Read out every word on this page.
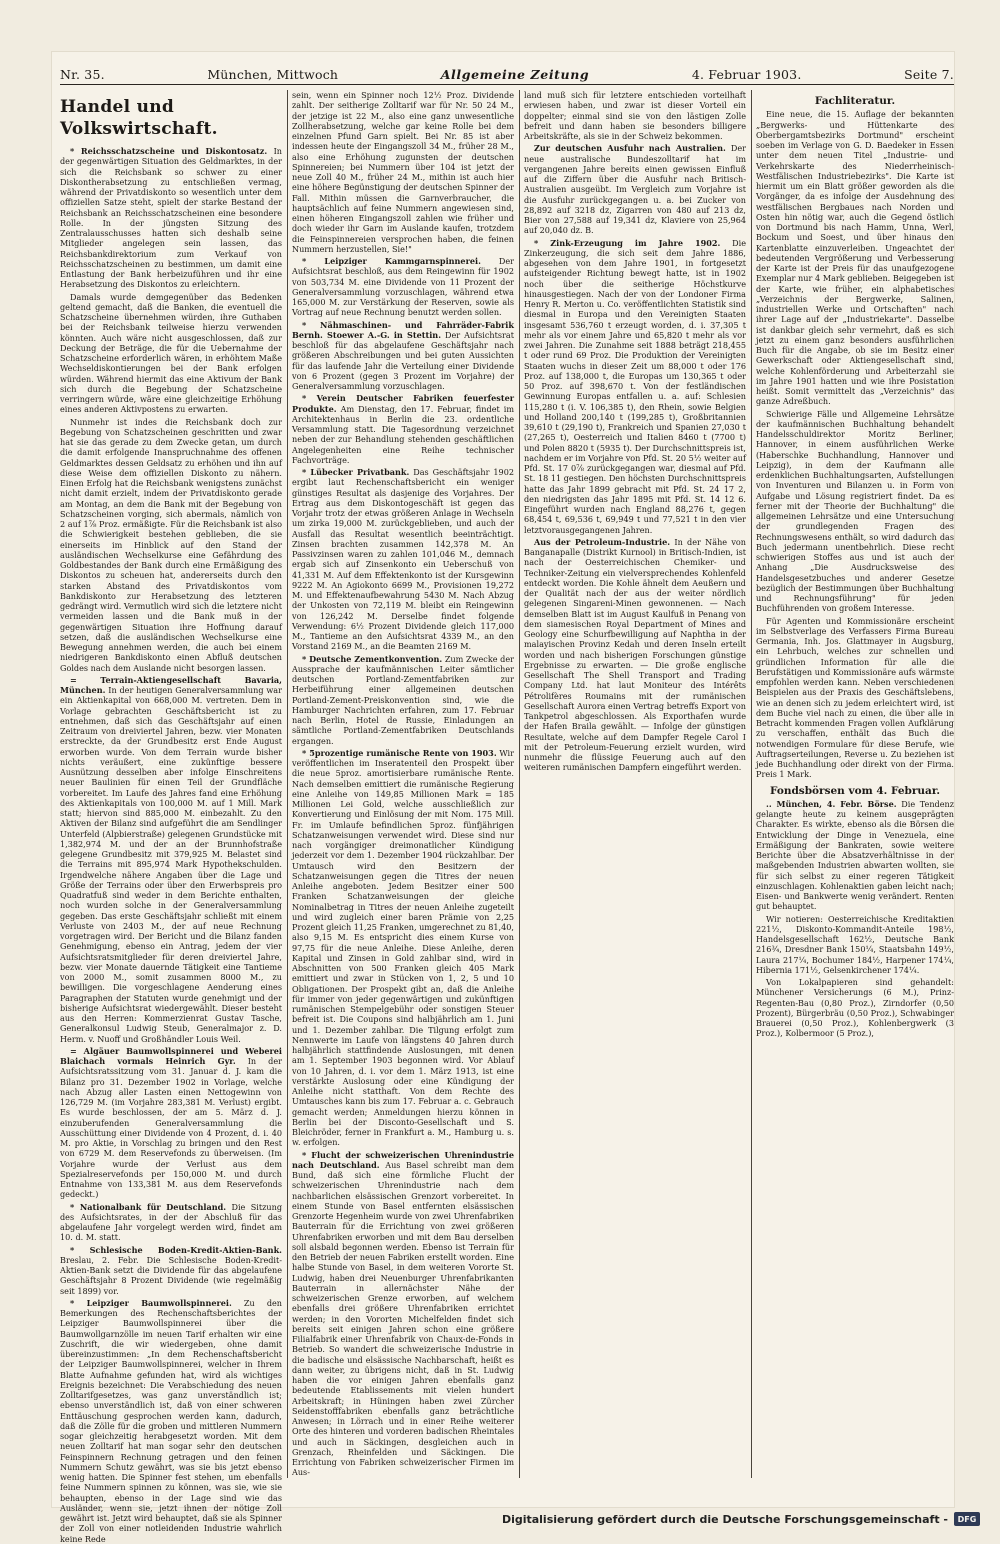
Nr. 35.	München, Mittwoch	Allgemeine Zeitung	4. Februar 1903.	Seite 7.
Handel und Volkswirtschaft.

* Reichsschatzscheine und Diskontosatz. In der gegenwärtigen Situation des Geldmarktes, in der sich die Reichsbank so schwer zu einer Diskontherabsetzung zu entschließen vermag, während der Privatdiskonto so wesentlich unter dem offiziellen Satze steht, spielt der starke Bestand der Reichsbank an Reichsschatzscheinen eine besondere Rolle. In der jüngsten Sitzung des Zentralausschusses hatten sich deshalb seine Mitglieder angelegen sein lassen, das Reichsbankdirektorium zum Verkauf von Reichsschatzscheinen zu bestimmen, um damit eine Entlastung der Bank herbeizuführen und ihr eine Herabsetzung des Diskontos zu erleichtern.

Damals wurde demgegenüber das Bedenken geltend gemacht, daß die Banken, die eventuell die Schatzscheine übernehmen würden, ihre Guthaben bei der Reichsbank teilweise hierzu verwenden könnten. Auch wäre nicht ausgeschlossen, daß zur Deckung der Beträge, die für die Uebernahme der Schatzscheine erforderlich wären, in erhöhtem Maße Wechseldiskontierungen bei der Bank erfolgen würden. Während hiermit das eine Aktivum der Bank sich durch die Begebung der Schatzscheine verringern würde, wäre eine gleichzeitige Erhöhung eines anderen Aktivpostens zu erwarten.

Nunmehr ist indes die Reichsbank doch zur Begebung von Schatzscheinen geschritten und zwar hat sie das gerade zu dem Zwecke getan, um durch die damit erfolgende Inanspruchnahme des offenen Geldmarktes dessen Geldsatz zu erhöhen und ihn auf diese Weise dem offiziellen Diskonto zu nähern. Einen Erfolg hat die Reichsbank wenigstens zunächst nicht damit erzielt, indem der Privatdiskonto gerade am Montag, an dem die Bank mit der Begebung von Schatzscheinen vorging, sich abermals, nämlich von 2 auf 1⅞ Proz. ermäßigte. Für die Reichsbank ist also die Schwierigkeit bestehen geblieben, die sie einerseits im Hinblick auf den Stand der ausländischen Wechselkurse eine Gefährdung des Goldbestandes der Bank durch eine Ermäßigung des Diskontos zu scheuen hat, andererseits durch den starken Abstand des Privatdiskontos vom Bankdiskonto zur Herabsetzung des letzteren gedrängt wird. Vermutlich wird sich die letztere nicht vermeiden lassen und die Bank muß in der gegenwärtigen Situation ihre Hoffnung darauf setzen, daß die ausländischen Wechselkurse eine Bewegung annehmen werden, die auch bei einem niedrigeren Bankdiskonto einen Abfluß deutschen Goldes nach dem Auslande nicht besorgen lassen.

= Terrain-Aktiengesellschaft Bavaria, München. In der heutigen Generalversammlung war ein Aktienkapital von 668,000 M. vertreten. Dem in Vorlage gebrachten Geschäftsbericht ist zu entnehmen, daß sich das Geschäftsjahr auf einen Zeitraum von dreiviertel Jahren, bezw. vier Monaten erstreckte, da der Grundbesitz erst Ende August erworben wurde. Von dem Terrain wurde bisher nichts veräußert, eine zukünftige bessere Ausnützung desselben aber infolge Einschreitens neuer Baulinien für einen Teil der Grundfläche vorbereitet. Im Laufe des Jahres fand eine Erhöhung des Aktienkapitals von 100,000 M. auf 1 Mill. Mark statt; hiervon sind 885,000 M. einbezahlt. Zu den Aktiven der Bilanz sind aufgeführt die am Sendlinger Unterfeld (Alpbierstraße) gelegenen Grundstücke mit 1,382,974 M. und der an der Brunnhofstraße gelegene Grundbesitz mit 379,925 M. Belastet sind die Terrains mit 895,974 Mark Hypothekschulden. Irgendwelche nähere Angaben über die Lage und Größe der Terrains oder über den Erwerbspreis pro Quadratfuß sind weder in dem Berichte enthalten, noch wurden solche in der Generalversammlung gegeben. Das erste Geschäftsjahr schließt mit einem Verluste von 2403 M., der auf neue Rechnung vorgetragen wird. Der Bericht und die Bilanz fanden Genehmigung, ebenso ein Antrag, jedem der vier Aufsichtsratsmitglieder für deren dreiviertel Jahre, bezw. vier Monate dauernde Tätigkeit eine Tantieme von 2000 M., somit zusammen 8000 M., zu bewilligen. Die vorgeschlagene Aenderung eines Paragraphen der Statuten wurde genehmigt und der bisherige Aufsichtsrat wiedergewählt. Dieser besteht aus den Herren: Kommerzienrat Gustav Tasche, Generalkonsul Ludwig Steub, Generalmajor z. D. Herm. v. Nuoff und Großhändler Louis Weil.

= Algäuer Baumwollspinnerei und Weberei Blaichach vormals Heinrich Gyr. In der Aufsichtsratssitzung vom 31. Januar d. J. kam die Bilanz pro 31. Dezember 1902 in Vorlage, welche nach Abzug aller Lasten einen Nettogewinn von 126,729 M. (im Vorjahre 283,381 M. Verlust) ergibt. Es wurde beschlossen, der am 5. März d. J. einzuberufenden Generalversammlung die Ausschüttung einer Dividende von 4 Prozent, d. i. 40 M. pro Aktie, in Vorschlag zu bringen und den Rest von 6729 M. dem Reservefonds zu überweisen. (Im Vorjahre wurde der Verlust aus dem Spezialreservefonds per 150,000 M. und durch Entnahme von 133,381 M. aus dem Reservefonds gedeckt.)

* Nationalbank für Deutschland. Die Sitzung des Aufsichtsrates, in der der Abschluß für das abgelaufene Jahr vorgelegt werden wird, findet am 10. d. M. statt.

* Schlesische Boden-Kredit-Aktien-Bank. Breslau, 2. Febr. Die Schlesische Boden-Kredit-Aktien-Bank setzt die Dividende für das abgelaufene Geschäftsjahr 8 Prozent Dividende (wie regelmäßig seit 1899) vor.

* Leipziger Baumwollspinnerei. Zu den Bemerkungen des Rechenschaftsberichtes der Leipziger Baumwollspinnerei über die Baumwollgarnzölle im neuen Tarif erhalten wir eine Zuschrift, die wir wiedergeben, ohne damit übereinzustimmen: „In dem Rechenschaftsbericht der Leipziger Baumwollspinnerei, welcher in Ihrem Blatte Aufnahme gefunden hat, wird als wichtiges Ereignis bezeichnet: Die Verabschiedung des neuen Zolltarifgesetzes, was ganz unverständlich ist; ebenso unverständlich ist, daß von einer schweren Enttäuschung gesprochen werden kann, dadurch, daß die Zölle für die groben und mittleren Nummern sogar gleichzeitig herabgesetzt worden. Mit dem neuen Zolltarif hat man sogar sehr den deutschen Feinspinnern Rechnung getragen und den feinen Nummern Schutz gewährt, was sie bis jetzt ebenso wenig hatten. Die Spinner fest stehen, um ebenfalls feine Nummern spinnen zu können, was sie, wie sie behaupten, ebenso in der Lage sind wie das Ausländer, wenn sie, jetzt ihnen der nötige Zoll gewährt ist. Jetzt wird behauptet, daß sie als Spinner der Zoll von einer notleidenden Industrie wahrlich keine Rede

sein, wenn ein Spinner noch 12½ Proz. Dividende zahlt. Der seitherige Zolltarif war für Nr. 50 24 M., der jetzige ist 22 M., also eine ganz unwesentliche Zollherabsetzung, welche gar keine Rolle bei dem einzelnen Pfund Garn spielt. Bei Nr. 85 ist aber indessen heute der Eingangszoll 34 M., früher 28 M., also eine Erhöhung zugunsten der deutschen Spinnereien; bei Nummern über 104 ist jetzt der neue Zoll 40 M., früher 24 M., mithin ist auch hier eine höhere Begünstigung der deutschen Spinner der Fall. Mithin müssen die Garnverbraucher, die hauptsächlich auf feine Nummern angewiesen sind, einen höheren Eingangszoll zahlen wie früher und doch wieder ihr Garn im Auslande kaufen, trotzdem die Feinspinnereien versprochen haben, die feinen Nummern herzustellen, Sie!"

* Leipziger Kammgarnspinnerei. Der Aufsichtsrat beschloß, aus dem Reingewinn für 1902 von 503,734 M. eine Dividende von 11 Prozent der Generalversammlung vorzuschlagen, während etwa 165,000 M. zur Verstärkung der Reserven, sowie als Vortrag auf neue Rechnung benutzt werden sollen.

* Nähmaschinen- und Fahrräder-Fabrik Bernh. Stoewer A.-G. in Stettin. Der Aufsichtsrat beschloß für das abgelaufene Geschäftsjahr nach größeren Abschreibungen und bei guten Aussichten für das laufende Jahr die Verteilung einer Dividende von 6 Prozent (gegen 3 Prozent im Vorjahre) der Generalversammlung vorzuschlagen.

* Verein Deutscher Fabriken feuerfester Produkte. Am Dienstag, den 17. Februar, findet im Architektenhaus in Berlin die 23. ordentliche Versammlung statt. Die Tagesordnung verzeichnet neben der zur Behandlung stehenden geschäftlichen Angelegenheiten eine Reihe technischer Fachvorträge.

* Lübecker Privatbank. Das Geschäftsjahr 1902 ergibt laut Rechenschaftsbericht ein weniger günstiges Resultat als dasjenige des Vorjahres. Der Ertrag aus dem Diskontogeschäft ist gegen das Vorjahr trotz der etwas größeren Anlage in Wechseln um zirka 19,000 M. zurückgeblieben, und auch der Ausfall das Resultat wesentlich beeinträchtigt. Zinsen brachten zusammen 142,378 M. An Passivzinsen waren zu zahlen 101,046 M., demnach ergab sich auf Zinsenkonto ein Ueberschuß von 41,331 M. Auf dem Effektenkonto ist der Kursgewinn 9222 M. An Agiokonto 6699 M., Provisionen 19,272 M. und Effektenaufbewahrung 5430 M. Nach Abzug der Unkosten von 72,119 M. bleibt ein Reingewinn von 126,242 M. Derselbe findet folgende Verwendung: 6½ Prozent Dividende gleich 117,000 M., Tantieme an den Aufsichtsrat 4339 M., an den Vorstand 2169 M., an die Beamten 2169 M.

* Deutsche Zementkonvention. Zum Zwecke der Aussprache der kaufmännischen Leiter sämtlicher deutschen Portland-Zementfabriken zur Herbeiführung einer allgemeinen deutschen Portland-Zement-Preiskonvention sind, wie die Hamburger Nachrichten erfahren, zum 17. Februar nach Berlin, Hotel de Russie, Einladungen an sämtliche Portland-Zementfabriken Deutschlands ergangen.

* 5prozentige rumänische Rente von 1903. Wir veröffentlichen im Inseratenteil den Prospekt über die neue 5proz. amortisierbare rumänische Rente. Nach demselben emittiert die rumänische Regierung eine Anleihe von 149,85 Millionen Mark = 185 Millionen Lei Gold, welche ausschließlich zur Konvertierung und Einlösung der mit Nom. 175 Mill. Fr. im Umlaufe befindlichen 5proz. fünfjährigen Schatzanweisungen verwendet wird. Diese sind nur nach vorgängiger dreimonatlicher Kündigung jederzeit vor dem 1. Dezember 1904 rückzahlbar. Der Umtausch wird den Besitzern der Schatzanweisungen gegen die Titres der neuen Anleihe angeboten. Jedem Besitzer einer 500 Franken Schatzanweisungen der gleiche Nominalbetrag in Titres der neuen Anleihe zugeteilt und wird zugleich einer baren Prämie von 2,25 Prozent gleich 11,25 Franken, umgerechnet zu 81,40, also 9,15 M. Es entspricht dies einem Kurse von 97,75 für die neue Anleihe. Diese Anleihe, deren Kapital und Zinsen in Gold zahlbar sind, wird in Abschnitten von 500 Franken gleich 405 Mark emittiert und zwar in Stücken von 1, 2, 5 und 10 Obligationen. Der Prospekt gibt an, daß die Anleihe für immer von jeder gegenwärtigen und zukünftigen rumänischen Stempelgebühr oder sonstigen Steuer befreit ist. Die Coupons sind halbjährlich am 1. Juni und 1. Dezember zahlbar. Die Tilgung erfolgt zum Nennwerte im Laufe von längstens 40 Jahren durch halbjährlich stattfindende Auslosungen, mit denen am 1. September 1903 begonnen wird. Vor Ablauf von 10 Jahren, d. i. vor dem 1. März 1913, ist eine verstärkte Auslosung oder eine Kündigung der Anleihe nicht statthaft. Von dem Rechte des Umtausches kann bis zum 17. Februar a. c. Gebrauch gemacht werden; Anmeldungen hierzu können in Berlin bei der Disconto-Gesellschaft und S. Bleichröder, ferner in Frankfurt a. M., Hamburg u. s. w. erfolgen.

* Flucht der schweizerischen Uhrenindustrie nach Deutschland. Aus Basel schreibt man dem Bund, daß sich eine förmliche Flucht der schweizerischen Uhrenindustrie nach dem nachbarlichen elsässischen Grenzort vorbereitet. In einem Stunde von Basel entfernten elsässischen Grenzorte Hegenheim wurde von zwei Uhrenfabriken Bauterrain für die Errichtung von zwei größeren Uhrenfabriken erworben und mit dem Bau derselben soll alsbald begonnen werden. Ebenso ist Terrain für den Betrieb der neuen Fabriken erstellt worden. Eine halbe Stunde von Basel, in dem weiteren Vororte St. Ludwig, haben drei Neuenburger Uhrenfabrikanten Bauterrain in allernächster Nähe der schweizerischen Grenze erworben, auf welchem ebenfalls drei größere Uhrenfabriken errichtet werden; in den Vororten Michelfelden findet sich bereits seit einigen Jahren schon eine größere Filialfabrik einer Uhrenfabrik von Chaux-de-Fonds in Betrieb. So wandert die schweizerische Industrie in die badische und elsässische Nachbarschaft, heißt es dann weiter, zu übrigens nicht, daß in St. Ludwig haben die vor einigen Jahren ebenfalls ganz bedeutende Etablissements mit vielen hundert Arbeitskraft; in Hüningen haben zwei Zürcher Seidenstofffabriken ebenfalls ganz beträchtliche Anwesen; in Lörrach und in einer Reihe weiterer Orte des hinteren und vorderen badischen Rheintales und auch in Säckingen, desgleichen auch in Grenzach, Rheinfelden und Säckingen. Die Errichtung von Fabriken schweizerischer Firmen im Aus-

land muß sich für letztere entschieden vorteilhaft erwiesen haben, und zwar ist dieser Vorteil ein doppelter; einmal sind sie von den lästigen Zolle befreit und dann haben sie besonders billigere Arbeitskräfte, als sie in der Schweiz bekommen.

Zur deutschen Ausfuhr nach Australien. Der neue australische Bundeszolltarif hat im vergangenen Jahre bereits einen gewissen Einfluß auf die Ziffern über die Ausfuhr nach Britisch-Australien ausgeübt. Im Vergleich zum Vorjahre ist die Ausfuhr zurückgegangen u. a. bei Zucker von 28,892 auf 3218 dz, Zigarren von 480 auf 213 dz, Bier von 27,588 auf 19,341 dz, Klaviere von 25,964 auf 20,040 dz. B.

* Zink-Erzeugung im Jahre 1902. Die Zinkerzeugung, die sich seit dem Jahre 1886, abgesehen von dem Jahre 1901, in fortgesetzt aufsteigender Richtung bewegt hatte, ist in 1902 noch über die seitherige Höchstkurve hinausgestiegen. Nach der von der Londoner Firma Henry R. Merton u. Co. veröffentlichten Statistik sind diesmal in Europa und den Vereinigten Staaten insgesamt 536,760 t erzeugt worden, d. i. 37,305 t mehr als vor einem Jahre und 65,820 t mehr als vor zwei Jahren. Die Zunahme seit 1888 beträgt 218,455 t oder rund 69 Proz. Die Produktion der Vereinigten Staaten wuchs in dieser Zeit um 88,000 t oder 176 Proz. auf 138,000 t, die Europas um 130,365 t oder 50 Proz. auf 398,670 t. Von der festländischen Gewinnung Europas entfallen u. a. auf: Schlesien 115,280 t (i. V. 106,385 t), den Rhein, sowie Belgien und Holland 200,140 t (199,285 t), Großbritannien 39,610 t (29,190 t), Frankreich und Spanien 27,030 t (27,265 t), Oesterreich und Italien 8460 t (7700 t) und Polen 8820 t (5935 t). Der Durchschnittspreis ist, nachdem er im Vorjahre von Pfd. St. 20 5½ weiter auf Pfd. St. 17 0⅞ zurückgegangen war, diesmal auf Pfd. St. 18 11 gestiegen. Den höchsten Durchschnittspreis hatte das Jahr 1899 gebracht mit Pfd. St. 24 17 2, den niedrigsten das Jahr 1895 mit Pfd. St. 14 12 6. Eingeführt wurden nach England 88,276 t, gegen 68,454 t, 69,536 t, 69,949 t und 77,521 t in den vier letztvorausgegangenen Jahren.

Aus der Petroleum-Industrie. In der Nähe von Banganapalle (Distrikt Kurnool) in Britisch-Indien, ist nach der Oesterreichischen Chemiker- und Techniker-Zeitung ein vielversprechendes Kohlenfeld entdeckt worden. Die Kohle ähnelt dem Aeußern und der Qualität nach der aus der weiter nördlich gelegenen Singareni-Minen gewonnenen. — Nach demselben Blatt ist im August Kaulfuß in Penang von dem siamesischen Royal Department of Mines and Geology eine Schurfbewilligung auf Naphtha in der malayischen Provinz Kedah und deren Inseln erteilt worden und nach bisherigen Forschungen günstige Ergebnisse zu erwarten. — Die große englische Gesellschaft The Shell Transport and Trading Company Ltd. hat laut Moniteur des Intérêts Pétrolifères Roumains mit der rumänischen Gesellschaft Aurora einen Vertrag betreffs Export von Tankpetrol abgeschlossen. Als Exporthafen wurde der Hafen Braila gewählt. — Infolge der günstigen Resultate, welche auf dem Dampfer Regele Carol I mit der Petroleum-Feuerung erzielt wurden, wird nunmehr die flüssige Feuerung auch auf den weiteren rumänischen Dampfern eingeführt werden.

Fachliteratur.

Eine neue, die 15. Auflage der bekannten „Bergwerks- und Hüttenkarte des Oberbergamtsbezirks Dortmund" erscheint soeben im Verlage von G. D. Baedeker in Essen unter dem neuen Titel „Industrie- und Verkehrskarte des Niederrheinisch-Westfälischen Industriebezirks". Die Karte ist hiermit um ein Blatt größer geworden als die Vorgänger, da es infolge der Ausdehnung des westfälischen Bergbaues nach Norden und Osten hin nötig war, auch die Gegend östlich von Dortmund bis nach Hamm, Unna, Werl, Bockum und Soest, und über hinaus den Kartenblatte einzuverleiben. Ungeachtet der bedeutenden Vergrößerung und Verbesserung der Karte ist der Preis für das unaufgezogene Exemplar nur 4 Mark geblieben. Beigegeben ist der Karte, wie früher, ein alphabetisches „Verzeichnis der Bergwerke, Salinen, industriellen Werke und Ortschaften" nach ihrer Lage auf der „Industriekarte". Dasselbe ist dankbar gleich sehr vermehrt, daß es sich jetzt zu einem ganz besonders ausführlichen Buch für die Angabe, ob sie im Besitz einer Gewerkschaft oder Aktiengesellschaft sind, welche Kohlenförderung und Arbeiterzahl sie im Jahre 1901 hatten und wie ihre Posistation heißt. Somit vermittelt das „Verzeichnis" das ganze Adreßbuch.

Schwierige Fälle und Allgemeine Lehrsätze der kaufmännischen Buchhaltung behandelt Handelsschuldirektor Moritz Berliner, Hannover, in einem ausführlichen Werke (Haberschke Buchhandlung, Hannover und Leipzig), in dem der Kaufmann alle erdenklichen Buchhaltungsarten, Aufstellungen von Inventuren und Bilanzen u. in Form von Aufgabe und Lösung registriert findet. Da es ferner mit der Theorie der Buchhaltung" die allgemeinen Lehrsätze und eine Untersuchung der grundlegenden Fragen des Rechnungswesens enthält, so wird dadurch das Buch jedermann unentbehrlich. Diese recht schwierigen Stoffes aus und ist auch der Anhang „Die Ausdrucksweise des Handelsgesetzbuches und anderer Gesetze bezüglich der Bestimmungen über Buchhaltung und Rechnungsführung" für jeden Buchführenden von großem Interesse.

Für Agenten und Kommissionäre erscheint im Selbstverlage des Verfassers Firma Bureau Germania, Inh. Jos. Glattmayer in Augsburg, ein Lehrbuch, welches zur schnellen und gründlichen Information für alle die Berufstätigen und Kommissionäre aufs wärmste empfohlen werden kann. Neben verschiedenen Beispielen aus der Praxis des Geschäftslebens, wie an denen sich zu jedem erleichtert wird, ist dem Buche viel nach zu einen, die über alle in Betracht kommenden Fragen vollen Aufklärung zu verschaffen, enthält das Buch die notwendigen Formulare für diese Berufe, wie Auftragserteilungen, Reverse u. Zu beziehen ist jede Buchhandlung oder direkt von der Firma. Preis 1 Mark.

Fondsbörsen vom 4. Februar.

.. München, 4. Febr. Börse. Die Tendenz gelangte heute zu keinem ausgeprägten Charakter. Es wirkte, ebenso als die Börsen die Entwicklung der Dinge in Venezuela, eine Ermäßigung der Bankraten, sowie weitere Berichte über die Absatzverhältnisse in der maßgebenden Industrien abwarten wollten, sie für sich selbst zu einer regeren Tätigkeit einzuschlagen. Kohlenaktien gaben leicht nach; Eisen- und Bankwerte wenig verändert. Renten gut behauptet.

Wir notieren: Oesterreichische Kreditaktien 221½, Diskonto-Kommandit-Anteile 198½, Handelsgesellschaft 162½, Deutsche Bank 216¾, Dresdner Bank 150¼, Staatsbahn 149½, Laura 217¼, Bochumer 184½, Harpener 174¼, Hibernia 171½, Gelsenkirchener 174¼.

Von Lokalpapieren sind gehandelt: Münchener Versicherungs (6 M.), Prinz-Regenten-Bau (0,80 Proz.), Zirndorfer (0,50 Prozent), Bürgerbräu (0,50 Proz.), Schwabinger Brauerei (0,50 Proz.), Kohlenbergwerk (3 Proz.), Kolbermoor (5 Proz.),

Digitalisierung gefördert durch die Deutsche Forschungsgemeinschaft -	DFG
